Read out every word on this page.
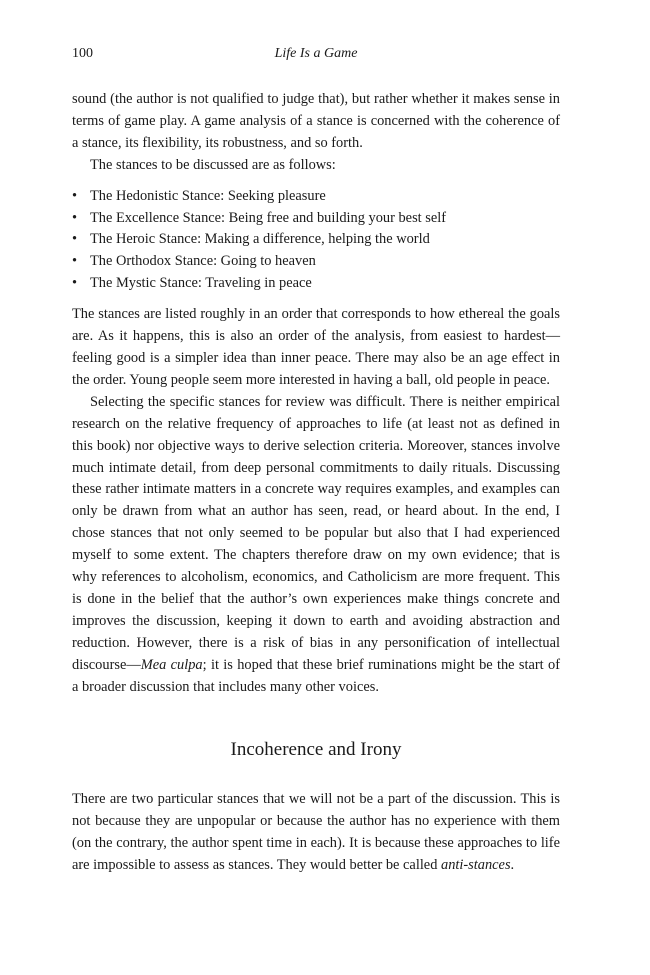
100	Life Is a Game

sound (the author is not qualified to judge that), but rather whether it makes sense in terms of game play. A game analysis of a stance is concerned with the coherence of a stance, its flexibility, its robustness, and so forth.

The stances to be discussed are as follows:

• The Hedonistic Stance: Seeking pleasure
• The Excellence Stance: Being free and building your best self
• The Heroic Stance: Making a difference, helping the world
• The Orthodox Stance: Going to heaven
• The Mystic Stance: Traveling in peace

The stances are listed roughly in an order that corresponds to how ethereal the goals are. As it happens, this is also an order of the analysis, from easiest to hardest—feeling good is a simpler idea than inner peace. There may also be an age effect in the order. Young people seem more interested in having a ball, old people in peace.

Selecting the specific stances for review was difficult. There is neither empirical research on the relative frequency of approaches to life (at least not as defined in this book) nor objective ways to derive selection criteria. Moreover, stances involve much intimate detail, from deep personal commitments to daily rituals. Discussing these rather intimate matters in a concrete way requires examples, and examples can only be drawn from what an author has seen, read, or heard about. In the end, I chose stances that not only seemed to be popular but also that I had experienced myself to some extent. The chapters therefore draw on my own evidence; that is why references to alcoholism, economics, and Catholicism are more frequent. This is done in the belief that the author’s own experiences make things concrete and improves the discussion, keeping it down to earth and avoiding abstraction and reduction. However, there is a risk of bias in any personification of intellectual discourse—Mea culpa; it is hoped that these brief ruminations might be the start of a broader discussion that includes many other voices.

Incoherence and Irony

There are two particular stances that we will not be a part of the discussion. This is not because they are unpopular or because the author has no experience with them (on the contrary, the author spent time in each). It is because these approaches to life are impossible to assess as stances. They would better be called anti-stances.
